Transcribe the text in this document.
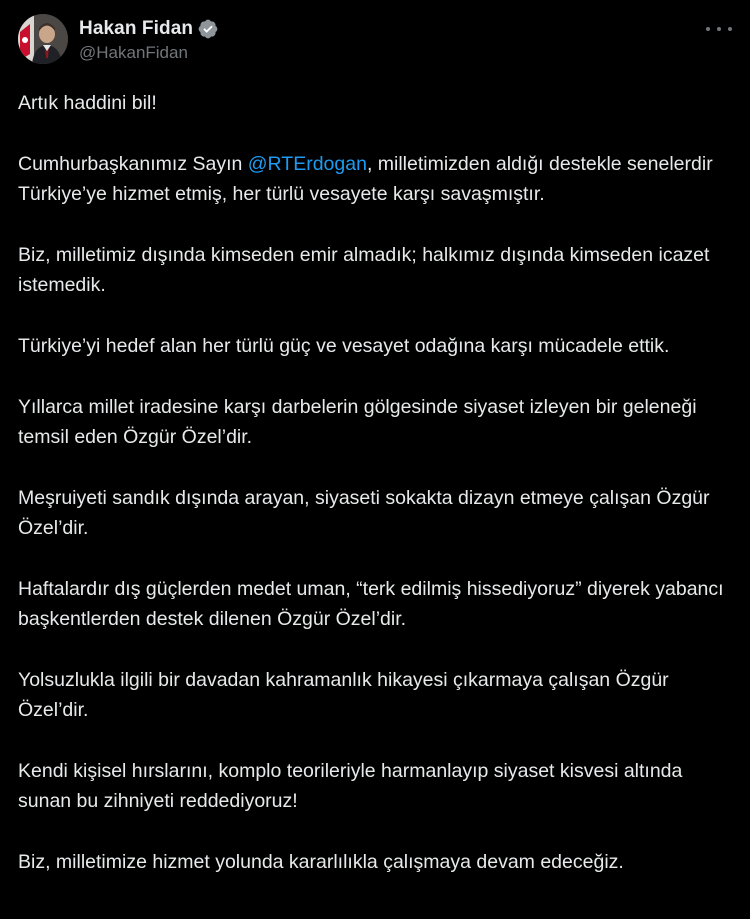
Hakan Fidan
@HakanFidan

Artık haddini bil!

Cumhurbaşkanımız Sayın @RTErdogan, milletimizden aldığı destekle senelerdir Türkiye’ye hizmet etmiş, her türlü vesayete karşı savaşmıştır.

Biz, milletimiz dışında kimseden emir almadık; halkımız dışında kimseden icazet istemedik.

Türkiye’yi hedef alan her türlü güç ve vesayet odağına karşı mücadele ettik.

Yıllarca millet iradesine karşı darbelerin gölgesinde siyaset izleyen bir geleneği temsil eden Özgür Özel’dir.

Meşruiyeti sandık dışında arayan, siyaseti sokakta dizayn etmeye çalışan Özgür Özel’dir.

Haftalardır dış güçlerden medet uman, “terk edilmiş hissediyoruz” diyerek yabancı başkentlerden destek dilenen Özgür Özel’dir.

Yolsuzlukla ilgili bir davadan kahramanlık hikayesi çıkarmaya çalışan Özgür Özel’dir.

Kendi kişisel hırslarını, komplo teorileriyle harmanlayıp siyaset kisvesi altında sunan bu zihniyeti reddediyoruz!

Biz, milletimize hizmet yolunda kararlılıkla çalışmaya devam edeceğiz.
